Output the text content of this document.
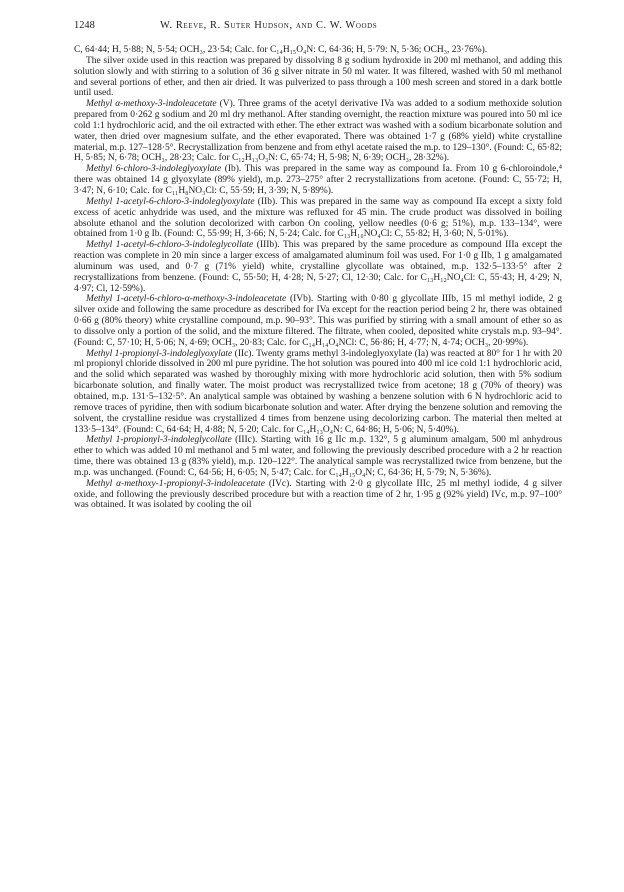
1248	W. Reeve, R. Suter Hudson, and C. W. Woods

C, 64·44; H, 5·88; N, 5·54; OCH₃, 23·54; Calc. for C₁₄H₁₅O₄N: C, 64·36; H, 5·79: N, 5·36; OCH₃, 23·76%).

The silver oxide used in this reaction was prepared by dissolving 8 g sodium hydroxide in 200 ml methanol, and adding this solution slowly and with stirring to a solution of 36 g silver nitrate in 50 ml water. It was filtered, washed with 50 ml methanol and several portions of ether, and then air dried. It was pulverized to pass through a 100 mesh screen and stored in a dark bottle until used.

Methyl α-methoxy-3-indoleacetate (V). Three grams of the acetyl derivative IVa was added to a sodium methoxide solution prepared from 0·262 g sodium and 20 ml dry methanol. After standing overnight, the reaction mixture was poured into 50 ml ice cold 1:1 hydrochloric acid, and the oil extracted with ether. The ether extract was washed with a sodium bicarbonate solution and water, then dried over magnesium sulfate, and the ether evaporated. There was obtained 1·7 g (68% yield) white crystalline material, m.p. 127–128·5°. Recrystallization from benzene and from ethyl acetate raised the m.p. to 129–130°. (Found: C, 65·82; H, 5·85; N, 6·78; OCH₃, 28·23; Calc. for C₁₂H₁₃O₃N: C, 65·74; H, 5·98; N, 6·39; OCH₃, 28·32%).

Methyl 6-chloro-3-indoleglyoxylate (Ib). This was prepared in the same way as compound Ia. From 10 g 6-chloroindole,⁴ there was obtained 14 g glyoxylate (89% yield), m.p. 273–275° after 2 recrystallizations from acetone. (Found: C, 55·72; H, 3·47; N, 6·10; Calc. for C₁₁H₈NO₃Cl: C, 55·59; H, 3·39; N, 5·89%).

Methyl 1-acetyl-6-chloro-3-indoleglyoxylate (IIb). This was prepared in the same way as compound IIa except a sixty fold excess of acetic anhydride was used, and the mixture was refluxed for 45 min. The crude product was dissolved in boiling absolute ethanol and the solution decolorized with carbon On cooling, yellow needles (0·6 g; 51%), m.p. 133–134°, were obtained from 1·0 g Ib. (Found: C, 55·99; H, 3·66; N, 5·24; Calc. for C₁₃H₁₀NO₄Cl: C, 55·82; H, 3·60; N, 5·01%).

Methyl 1-acetyl-6-chloro-3-indoleglycollate (IIIb). This was prepared by the same procedure as compound IIIa except the reaction was complete in 20 min since a larger excess of amalgamated aluminum foil was used. For 1·0 g IIb, 1 g amalgamated aluminum was used, and 0·7 g (71% yield) white, crystalline glycollate was obtained, m.p. 132·5–133·5° after 2 recrystallizations from benzene. (Found: C, 55·50; H, 4·28; N, 5·27; Cl, 12·30; Calc. for C₁₃H₁₂NO₄Cl: C, 55·43; H, 4·29; N, 4·97; Cl, 12·59%).

Methyl 1-acetyl-6-chloro-α-methoxy-3-indoleacetate (IVb). Starting with 0·80 g glycollate IIIb, 15 ml methyl iodide, 2 g silver oxide and following the same procedure as described for IVa except for the reaction period being 2 hr, there was obtained 0·66 g (80% theory) white crystalline compound, m.p. 90–93°. This was purified by stirring with a small amount of ether so as to dissolve only a portion of the solid, and the mixture filtered. The filtrate, when cooled, deposited white crystals m.p. 93–94°. (Found: C, 57·10; H, 5·06; N, 4·69; OCH₃, 20·83; Calc. for C₁₄H₁₄O₄NCl: C, 56·86; H, 4·77; N, 4·74; OCH₃, 20·99%).

Methyl 1-propionyl-3-indoleglyoxylate (IIc). Twenty grams methyl 3-indoleglyoxylate (Ia) was reacted at 80° for 1 hr with 20 ml propionyl chloride dissolved in 200 ml pure pyridine. The hot solution was poured into 400 ml ice cold 1:1 hydrochloric acid, and the solid which separated was washed by thoroughly mixing with more hydrochloric acid solution, then with 5% sodium bicarbonate solution, and finally water. The moist product was recrystallized twice from acetone; 18 g (70% of theory) was obtained, m.p. 131·5–132·5°. An analytical sample was obtained by washing a benzene solution with 6 N hydrochloric acid to remove traces of pyridine, then with sodium bicarbonate solution and water. After drying the benzene solution and removing the solvent, the crystalline residue was crystallized 4 times from benzene using decolorizing carbon. The material then melted at 133·5–134°. (Found: C, 64·64; H, 4·88; N, 5·20; Calc. for C₁₄H₁₃O₄N: C, 64·86; H, 5·06; N, 5·40%).

Methyl 1-propionyl-3-indoleglycollate (IIIc). Starting with 16 g IIc m.p. 132°, 5 g aluminum amalgam, 500 ml anhydrous ether to which was added 10 ml methanol and 5 ml water, and following the previously described procedure with a 2 hr reaction time, there was obtained 13 g (83% yield), m.p. 120–122°. The analytical sample was recrystallized twice from benzene, but the m.p. was unchanged. (Found: C, 64·56; H, 6·05; N, 5·47; Calc. for C₁₄H₁₅O₄N; C, 64·36; H, 5·79; N, 5·36%).

Methyl α-methoxy-1-propionyl-3-indoleacetate (IVc). Starting with 2·0 g glycollate IIIc, 25 ml methyl iodide, 4 g silver oxide, and following the previously described procedure but with a reaction time of 2 hr, 1·95 g (92% yield) IVc, m.p. 97–100° was obtained. It was isolated by cooling the oil
